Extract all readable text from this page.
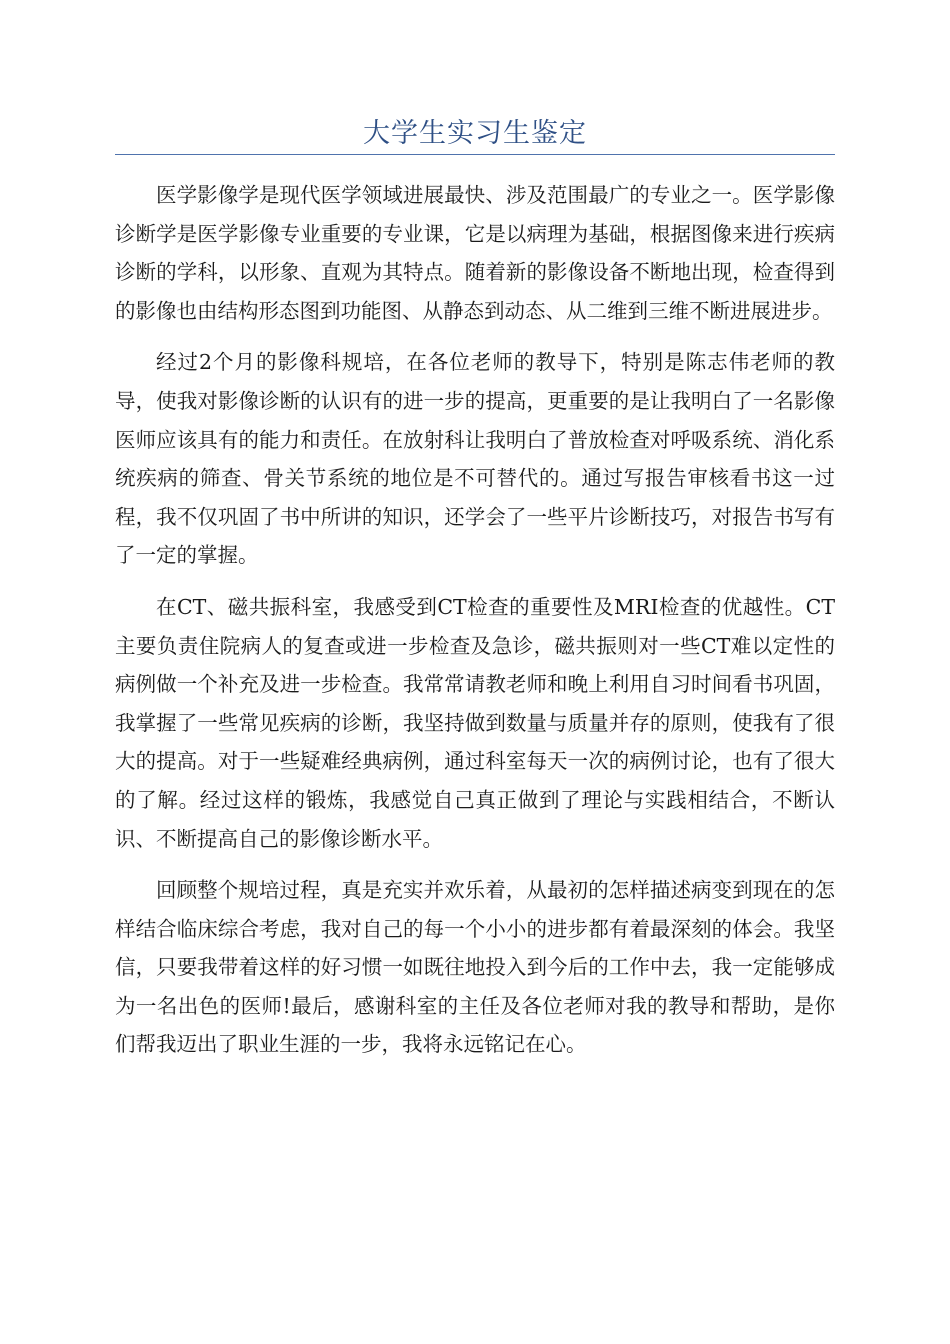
大学生实习生鉴定

医学影像学是现代医学领域进展最快、涉及范围最广的专业之一。医学影像诊断学是医学影像专业重要的专业课，它是以病理为基础，根据图像来进行疾病诊断的学科，以形象、直观为其特点。随着新的影像设备不断地出现，检查得到的影像也由结构形态图到功能图、从静态到动态、从二维到三维不断进展进步。

经过2个月的影像科规培，在各位老师的教导下，特别是陈志伟老师的教导，使我对影像诊断的认识有的进一步的提高，更重要的是让我明白了一名影像医师应该具有的能力和责任。在放射科让我明白了普放检查对呼吸系统、消化系统疾病的筛查、骨关节系统的地位是不可替代的。通过写报告审核看书这一过程，我不仅巩固了书中所讲的知识，还学会了一些平片诊断技巧，对报告书写有了一定的掌握。

在CT、磁共振科室，我感受到CT检查的重要性及MRI检查的优越性。CT主要负责住院病人的复查或进一步检查及急诊，磁共振则对一些CT难以定性的病例做一个补充及进一步检查。我常常请教老师和晚上利用自习时间看书巩固，我掌握了一些常见疾病的诊断，我坚持做到数量与质量并存的原则，使我有了很大的提高。对于一些疑难经典病例，通过科室每天一次的病例讨论，也有了很大的了解。经过这样的锻炼，我感觉自己真正做到了理论与实践相结合，不断认识、不断提高自己的影像诊断水平。

回顾整个规培过程，真是充实并欢乐着，从最初的怎样描述病变到现在的怎样结合临床综合考虑，我对自己的每一个小小的进步都有着最深刻的体会。我坚信，只要我带着这样的好习惯一如既往地投入到今后的工作中去，我一定能够成为一名出色的医师!最后，感谢科室的主任及各位老师对我的教导和帮助，是你们帮我迈出了职业生涯的一步，我将永远铭记在心。
